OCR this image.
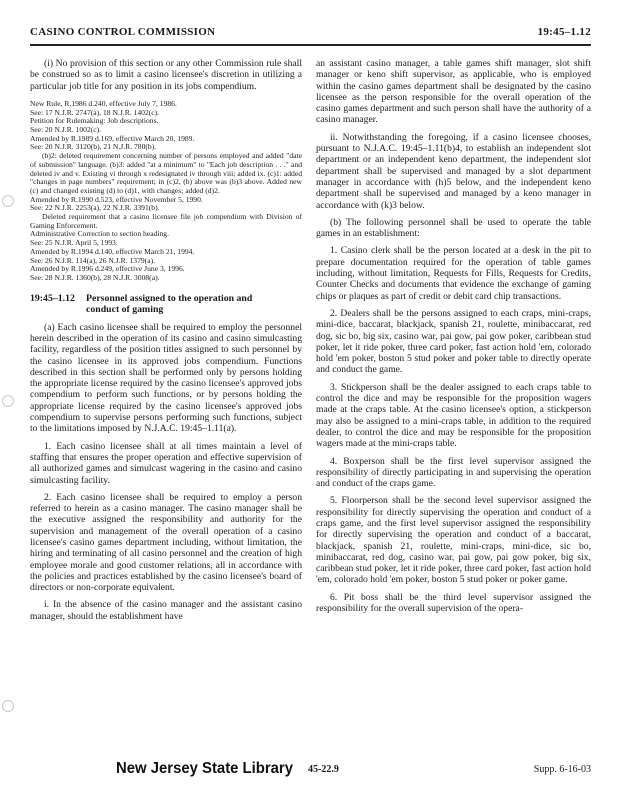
CASINO CONTROL COMMISSION	19:45–1.12

(i) No provision of this section or any other Commission rule shall be construed so as to limit a casino licensee's discretion in utilizing a particular job title for any position in its jobs compendium.

New Rule, R.1986 d.240, effective July 7, 1986.
See: 17 N.J.R. 2747(a), 18 N.J.R. 1402(c).
Petition for Rulemaking: Job descriptions.
See: 20 N.J.R. 1002(c).
Amended by R.1989 d.169, effective March 20, 1989.
See: 20 N.J.R. 3120(b), 21 N.J.R. 780(b).
(b)2: deleted requirement concerning number of persons employed and added "date of submission" language. (b)3: added "at a minimum" to "Each job description . . ." and deleted iv and v. Existing vi through x redesignated iv through viii; added ix. (c)1: added "changes in page numbers" requirement; in (c)2, (b) above was (b)3 above. Added new (c) and changed existing (d) to (d)1, with changes; added (d)2.
Amended by R.1990 d.523, effective November 5, 1990.
See: 22 N.J.R. 2253(a), 22 N.J.R. 3391(b).
Deleted requirement that a casino licensee file job compendium with Division of Gaming Enforcement.
Administrative Correction to section heading.
See: 25 N.J.R. April 5, 1993.
Amended by R.1994 d.140, effective March 21, 1994.
See: 26 N.J.R. 114(a), 26 N.J.R. 1379(a).
Amended by R.1996 d.249, effective June 3, 1996.
See: 28 N.J.R. 1360(b), 28 N.J.R. 3008(a).
19:45–1.12 Personnel assigned to the operation and
conduct of gaming

(a) Each casino licensee shall be required to employ the personnel herein described in the operation of its casino and casino simulcasting facility, regardless of the position titles assigned to such personnel by the casino licensee in its approved jobs compendium. Functions described in this section shall be performed only by persons holding the appropriate license required by the casino licensee's approved jobs compendium to perform such functions, or by persons holding the appropriate license required by the casino licensee's approved jobs compendium to supervise persons performing such functions, subject to the limitations imposed by N.J.A.C. 19:45–1.11(a).

1. Each casino licensee shall at all times maintain a level of staffing that ensures the proper operation and effective supervision of all authorized games and simulcast wagering in the casino and casino simulcasting facility.

2. Each casino licensee shall be required to employ a person referred to herein as a casino manager. The casino manager shall be the executive assigned the responsibility and authority for the supervision and management of the overall operation of a casino licensee's casino games department including, without limitation, the hiring and terminating of all casino personnel and the creation of high employee morale and good customer relations, all in accordance with the policies and practices established by the casino licensee's board of directors or non-corporate equivalent.

i. In the absence of the casino manager and the assistant casino manager, should the establishment have

an assistant casino manager, a table games shift manager, slot shift manager or keno shift supervisor, as applicable, who is employed within the casino games department shall be designated by the casino licensee as the person responsible for the overall operation of the casino games department and such person shall have the authority of a casino manager.

ii. Notwithstanding the foregoing, if a casino licensee chooses, pursuant to N.J.A.C. 19:45–1.11(b)4, to establish an independent slot department or an independent keno department, the independent slot department shall be supervised and managed by a slot department manager in accordance with (h)5 below, and the independent keno department shall be supervised and managed by a keno manager in accordance with (k)3 below.

(b) The following personnel shall be used to operate the table games in an establishment:

1. Casino clerk shall be the person located at a desk in the pit to prepare documentation required for the operation of table games including, without limitation, Requests for Fills, Requests for Credits, Counter Checks and documents that evidence the exchange of gaming chips or plaques as part of credit or debit card chip transactions.

2. Dealers shall be the persons assigned to each craps, mini-craps, mini-dice, baccarat, blackjack, spanish 21, roulette, minibaccarat, red dog, sic bo, big six, casino war, pai gow, pai gow poker, caribbean stud poker, let it ride poker, three card poker, fast action hold 'em, colorado hold 'em poker, boston 5 stud poker and poker table to directly operate and conduct the game.

3. Stickperson shall be the dealer assigned to each craps table to control the dice and may be responsible for the proposition wagers made at the craps table. At the casino licensee's option, a stickperson may also be assigned to a mini-craps table, in addition to the required dealer, to control the dice and may be responsible for the proposition wagers made at the mini-craps table.

4. Boxperson shall be the first level supervisor assigned the responsibility of directly participating in and supervising the operation and conduct of the craps game.

5. Floorperson shall be the second level supervisor assigned the responsibility for directly supervising the operation and conduct of a craps game, and the first level supervisor assigned the responsibility for directly supervising the operation and conduct of a baccarat, blackjack, spanish 21, roulette, mini-craps, mini-dice, sic bo, minibaccarat, red dog, casino war, pai gow, pai gow poker, big six, caribbean stud poker, let it ride poker, three card poker, fast action hold 'em, colorado hold 'em poker, boston 5 stud poker or poker game.

6. Pit boss shall be the third level supervisor assigned the responsibility for the overall supervision of the opera-

New Jersey State Library 45-22.9	Supp. 6-16-03
